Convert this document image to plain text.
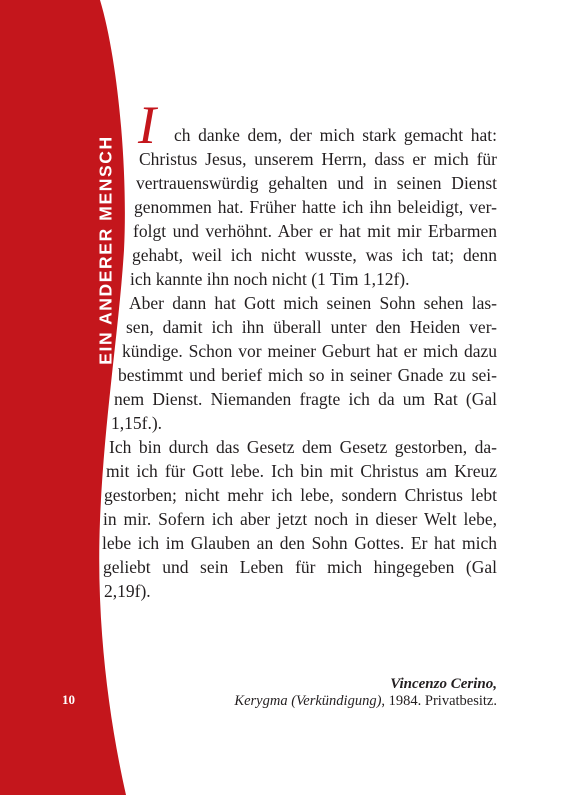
EIN ANDERER MENSCH
10
I ch danke dem, der mich stark gemacht hat:
Christus Jesus, unserem Herrn, dass er mich für
vertrauenswürdig gehalten und in seinen Dienst
genommen hat. Früher hatte ich ihn beleidigt, ver-
folgt und verhöhnt. Aber er hat mit mir Erbarmen
gehabt, weil ich nicht wusste, was ich tat; denn
ich kannte ihn noch nicht (1 Tim 1,12f).
Aber dann hat Gott mich seinen Sohn sehen las-
sen, damit ich ihn überall unter den Heiden ver-
kündige. Schon vor meiner Geburt hat er mich dazu
bestimmt und berief mich so in seiner Gnade zu sei-
nem Dienst. Niemanden fragte ich da um Rat (Gal
1,15f.).
Ich bin durch das Gesetz dem Gesetz gestorben, da-
mit ich für Gott lebe. Ich bin mit Christus am Kreuz
gestorben; nicht mehr ich lebe, sondern Christus lebt
in mir. Sofern ich aber jetzt noch in dieser Welt lebe,
lebe ich im Glauben an den Sohn Gottes. Er hat mich
geliebt und sein Leben für mich hingegeben (Gal
2,19f).
Vincenzo Cerino,
Kerygma (Verkündigung), 1984. Privatbesitz.
